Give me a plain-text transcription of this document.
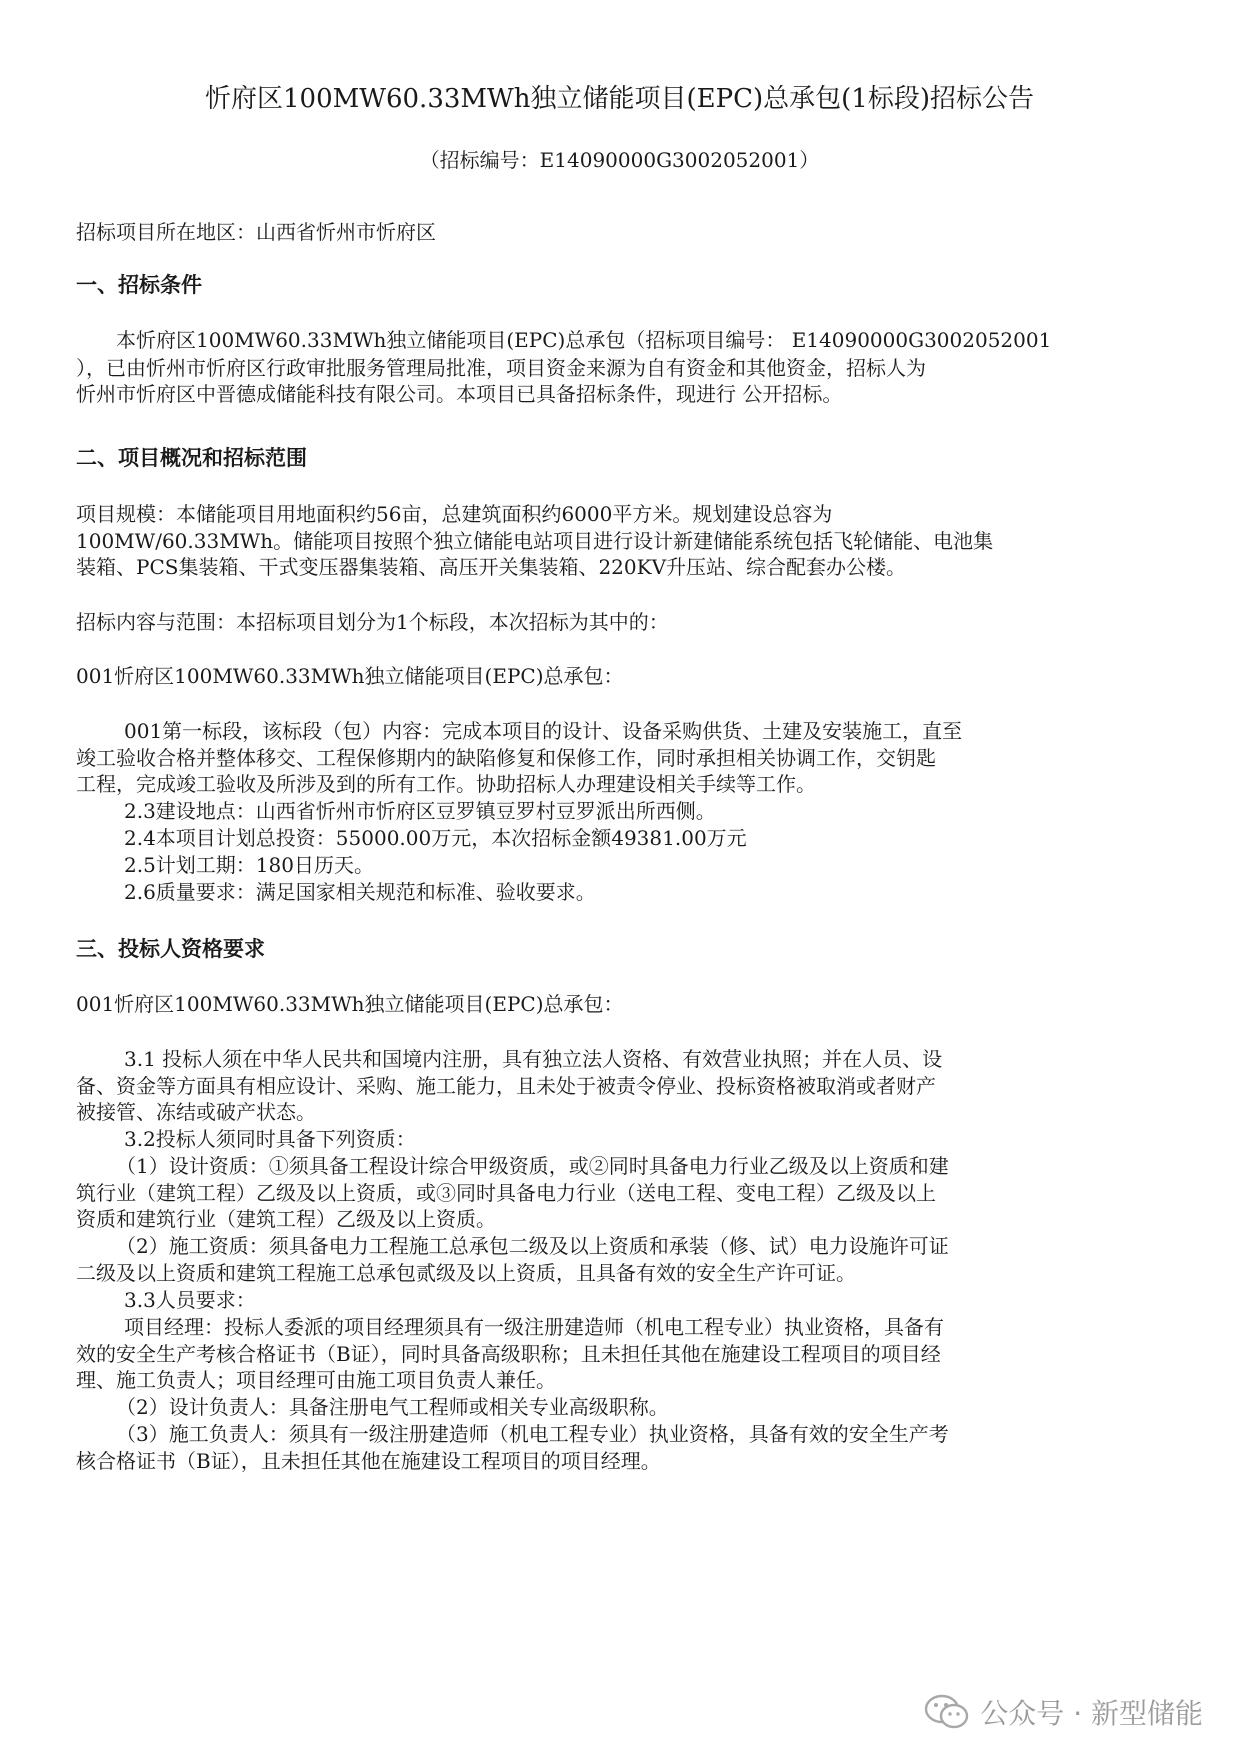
忻府区100MW60.33MWh独立储能项目(EPC)总承包(1标段)招标公告
（招标编号：E14090000G3002052001）
招标项目所在地区：山西省忻州市忻府区
一、招标条件
本忻府区100MW60.33MWh独立储能项目(EPC)总承包（招标项目编号： E14090000G3002052001
），已由忻州市忻府区行政审批服务管理局批准，项目资金来源为自有资金和其他资金，招标人为
忻州市忻府区中晋德成储能科技有限公司。本项目已具备招标条件，现进行 公开招标。
二、项目概况和招标范围
项目规模：本储能项目用地面积约56亩，总建筑面积约6000平方米。规划建设总容为
100MW/60.33MWh。储能项目按照个独立储能电站项目进行设计新建储能系统包括飞轮储能、电池集
装箱、PCS集装箱、干式变压器集装箱、高压开关集装箱、220KV升压站、综合配套办公楼。
招标内容与范围：本招标项目划分为1个标段，本次招标为其中的：
001忻府区100MW60.33MWh独立储能项目(EPC)总承包：
001第一标段，该标段（包）内容：完成本项目的设计、设备采购供货、土建及安装施工，直至
竣工验收合格并整体移交、工程保修期内的缺陷修复和保修工作，同时承担相关协调工作，交钥匙
工程，完成竣工验收及所涉及到的所有工作。协助招标人办理建设相关手续等工作。
2.3建设地点：山西省忻州市忻府区豆罗镇豆罗村豆罗派出所西侧。
2.4本项目计划总投资：55000.00万元，本次招标金额49381.00万元
2.5计划工期：180日历天。
2.6质量要求：满足国家相关规范和标准、验收要求。
三、投标人资格要求
001忻府区100MW60.33MWh独立储能项目(EPC)总承包：
3.1 投标人须在中华人民共和国境内注册，具有独立法人资格、有效营业执照；并在人员、设
备、资金等方面具有相应设计、采购、施工能力，且未处于被责令停业、投标资格被取消或者财产
被接管、冻结或破产状态。
3.2投标人须同时具备下列资质：
（1）设计资质：①须具备工程设计综合甲级资质，或②同时具备电力行业乙级及以上资质和建
筑行业（建筑工程）乙级及以上资质，或③同时具备电力行业（送电工程、变电工程）乙级及以上
资质和建筑行业（建筑工程）乙级及以上资质。
（2）施工资质：须具备电力工程施工总承包二级及以上资质和承装（修、试）电力设施许可证
二级及以上资质和建筑工程施工总承包贰级及以上资质，且具备有效的安全生产许可证。
3.3人员要求：
项目经理：投标人委派的项目经理须具有一级注册建造师（机电工程专业）执业资格，具备有
效的安全生产考核合格证书（B证），同时具备高级职称；且未担任其他在施建设工程项目的项目经
理、施工负责人；项目经理可由施工项目负责人兼任。
（2）设计负责人：具备注册电气工程师或相关专业高级职称。
（3）施工负责人：须具有一级注册建造师（机电工程专业）执业资格，具备有效的安全生产考
核合格证书（B证），且未担任其他在施建设工程项目的项目经理。
公众号 · 新型储能
